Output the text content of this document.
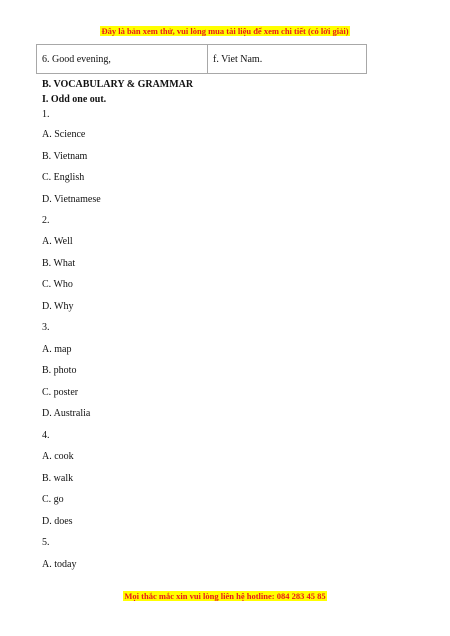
Đây là bản xem thử, vui lòng mua tài liệu để xem chi tiết (có lời giải)
6. Good evening,	f. Viet Nam.
B. VOCABULARY & GRAMMAR
I. Odd one out.
1.
A. Science
B. Vietnam
C. English
D. Vietnamese
2.
A. Well
B. What
C. Who
D. Why
3.
A. map
B. photo
C. poster
D. Australia
4.
A. cook
B. walk
C. go
D. does
5.
A. today
Mọi thắc mắc xin vui lòng liên hệ hotline: 084 283 45 85
